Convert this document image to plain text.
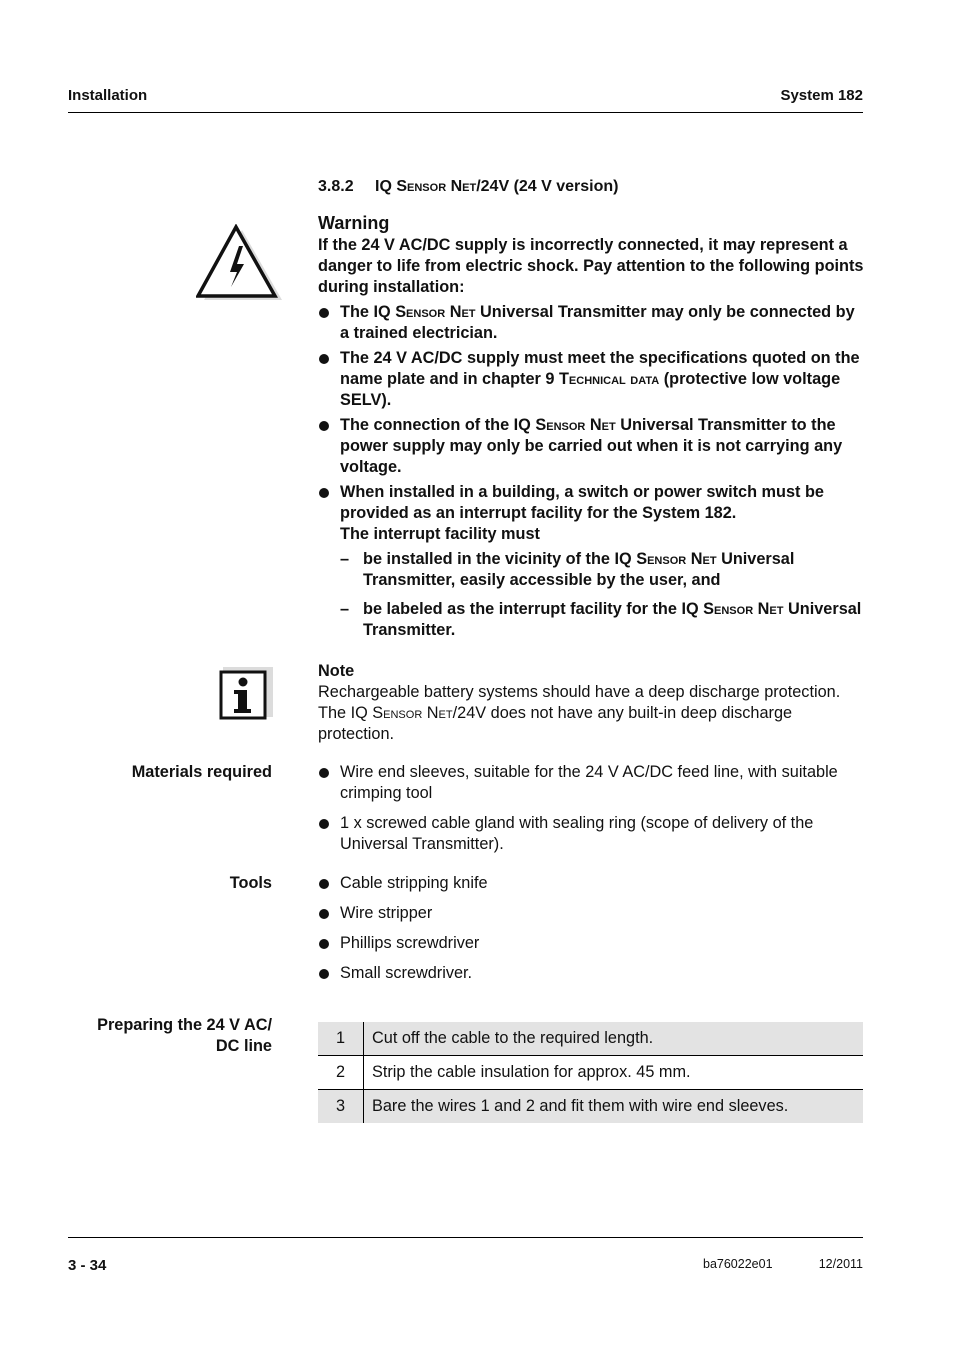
Installation	System 182
3.8.2 IQ Sensor Net/24V (24 V version)
Warning
If the 24 V AC/DC supply is incorrectly connected, it may represent a danger to life from electric shock. Pay attention to the following points during installation:
The IQ Sensor Net Universal Transmitter may only be connected by a trained electrician.
The 24 V AC/DC supply must meet the specifications quoted on the name plate and in chapter 9 Technical data (protective low voltage SELV).
The connection of the IQ Sensor Net Universal Transmitter to the power supply may only be carried out when it is not carrying any voltage.
When installed in a building, a switch or power switch must be provided as an interrupt facility for the System 182.
The interrupt facility must
– be installed in the vicinity of the IQ Sensor Net Universal Transmitter, easily accessible by the user, and
– be labeled as the interrupt facility for the IQ Sensor Net Universal Transmitter.
Note
Rechargeable battery systems should have a deep discharge protection. The IQ Sensor Net/24V does not have any built-in deep discharge protection.
Materials required	Wire end sleeves, suitable for the 24 V AC/DC feed line, with suitable crimping tool
1 x screwed cable gland with sealing ring (scope of delivery of the Universal Transmitter).
Tools	Cable stripping knife
Wire stripper
Phillips screwdriver
Small screwdriver.
Preparing the 24 V AC/
DC line	1	Cut off the cable to the required length.
2	Strip the cable insulation for approx. 45 mm.
3	Bare the wires 1 and 2 and fit them with wire end sleeves.
3 - 34	ba76022e01	12/2011
